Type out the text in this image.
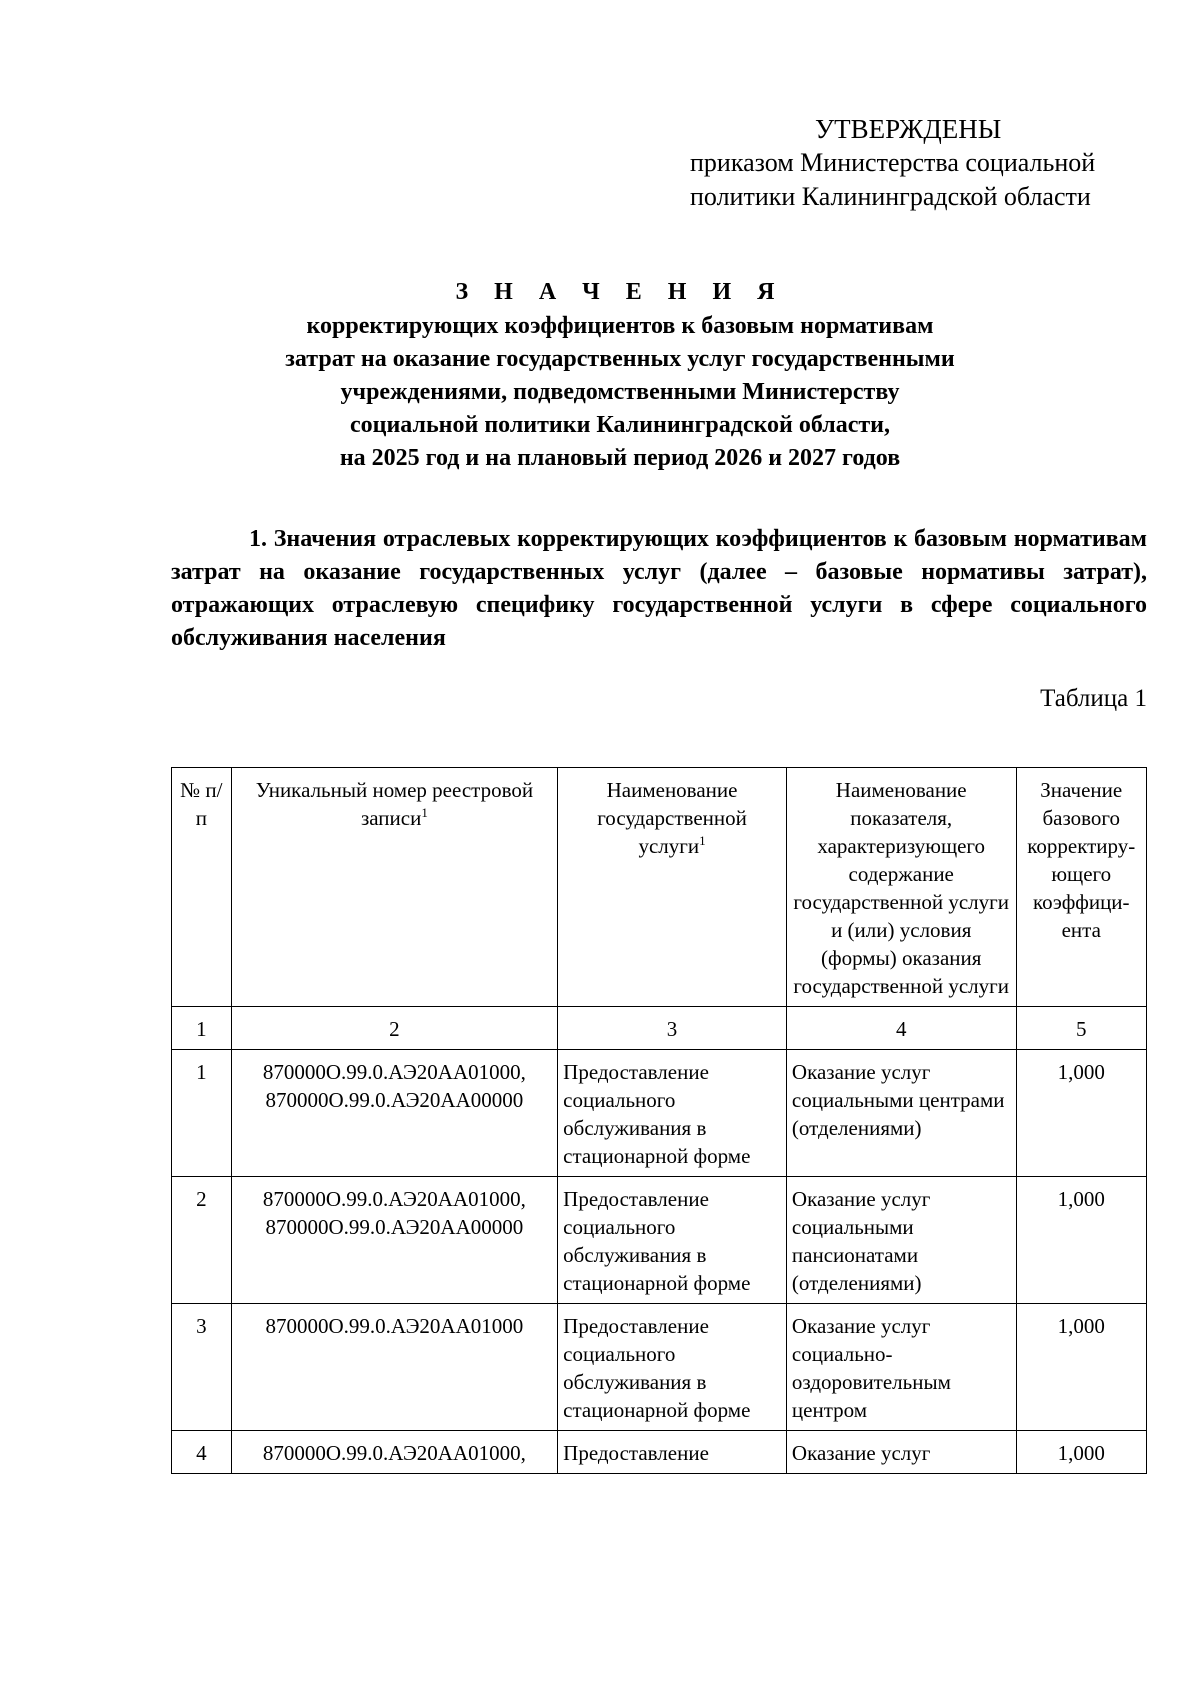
УТВЕРЖДЕНЫ
приказом Министерства социальной
политики Калининградской области
З Н А Ч Е Н И Я
корректирующих коэффициентов к базовым нормативам
затрат на оказание государственных услуг государственными
учреждениями, подведомственными Министерству
социальной политики Калининградской области,
на 2025 год и на плановый период 2026 и 2027 годов
1. Значения отраслевых корректирующих коэффициентов к базовым нормативам затрат на оказание государственных услуг (далее – базовые нормативы затрат), отражающих отраслевую специфику государственной услуги в сфере социального обслуживания населения
Таблица 1
№ п/п	Уникальный номер реестровой записи$^1$	Наименование государственной услуги$^1$	Наименование показателя, характеризующего содержание государственной услуги и (или) условия (формы) оказания государственной услуги	Значение базового корректиру-ющего коэффици-ента
1	2	3	4	5
1	870000О.99.0.АЭ20АА01000, 870000О.99.0.АЭ20АА00000	Предоставление социального обслуживания в стационарной форме	Оказание услуг социальными центрами (отделениями)	1,000
2	870000О.99.0.АЭ20АА01000, 870000О.99.0.АЭ20АА00000	Предоставление социального обслуживания в стационарной форме	Оказание услуг социальными пансионатами (отделениями)	1,000
3	870000О.99.0.АЭ20АА01000	Предоставление социального обслуживания в стационарной форме	Оказание услуг социально-оздоровительным центром	1,000
4	870000О.99.0.АЭ20АА01000,	Предоставление	Оказание услуг	1,000
